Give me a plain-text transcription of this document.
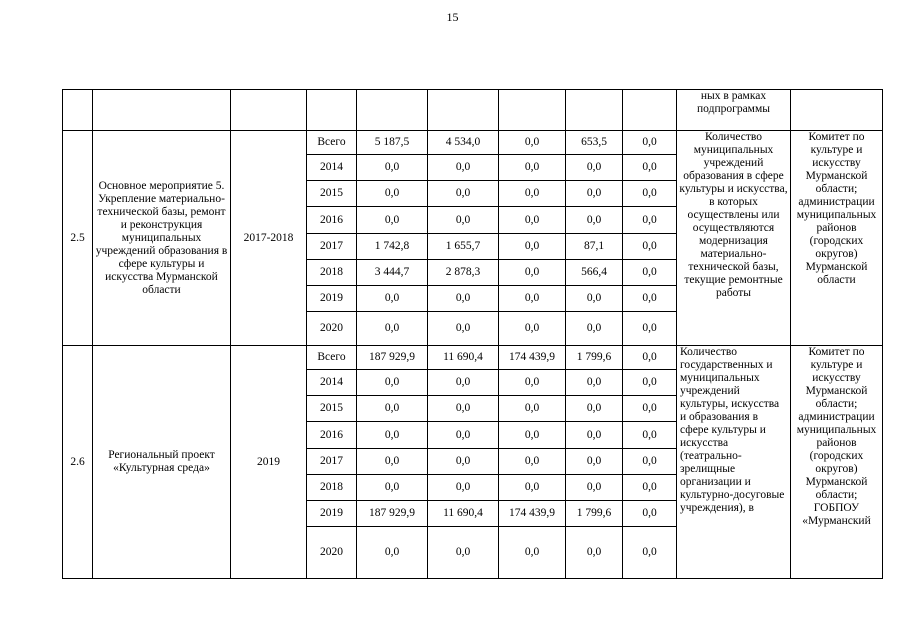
15
									ных в рамках подпрограммы	
2.5	Основное мероприятие 5. Укрепление материально-технической базы, ремонт и реконструкция муниципальных учреждений образования в сфере культуры и искусства Мурманской области	2017-2018	Всего	5 187,5	4 534,0	0,0	653,5	0,0	Количество муниципальных учреждений образования в сфере культуры и искусства, в которых осуществлены или осуществляются модернизация материально-технической базы, текущие ремонтные работы	Комитет по культуре и искусству Мурманской области; администрации муниципальных районов (городских округов) Мурманской области
			2014	0,0	0,0	0,0	0,0	0,0		
			2015	0,0	0,0	0,0	0,0	0,0		
			2016	0,0	0,0	0,0	0,0	0,0		
			2017	1 742,8	1 655,7	0,0	87,1	0,0		
			2018	3 444,7	2 878,3	0,0	566,4	0,0		
			2019	0,0	0,0	0,0	0,0	0,0		
			2020	0,0	0,0	0,0	0,0	0,0		
2.6	Региональный проект «Культурная среда»	2019	Всего	187 929,9	11 690,4	174 439,9	1 799,6	0,0	Количество государственных и муниципальных учреждений культуры, искусства и образования в сфере культуры и искусства (театрально-зрелищные организации и культурно-досуговые учреждения), в	Комитет по культуре и искусству Мурманской области; администрации муниципальных районов (городских округов) Мурманской области; ГОБПОУ «Мурманский
			2014	0,0	0,0	0,0	0,0	0,0		
			2015	0,0	0,0	0,0	0,0	0,0		
			2016	0,0	0,0	0,0	0,0	0,0		
			2017	0,0	0,0	0,0	0,0	0,0		
			2018	0,0	0,0	0,0	0,0	0,0		
			2019	187 929,9	11 690,4	174 439,9	1 799,6	0,0		
			2020	0,0	0,0	0,0	0,0	0,0		
